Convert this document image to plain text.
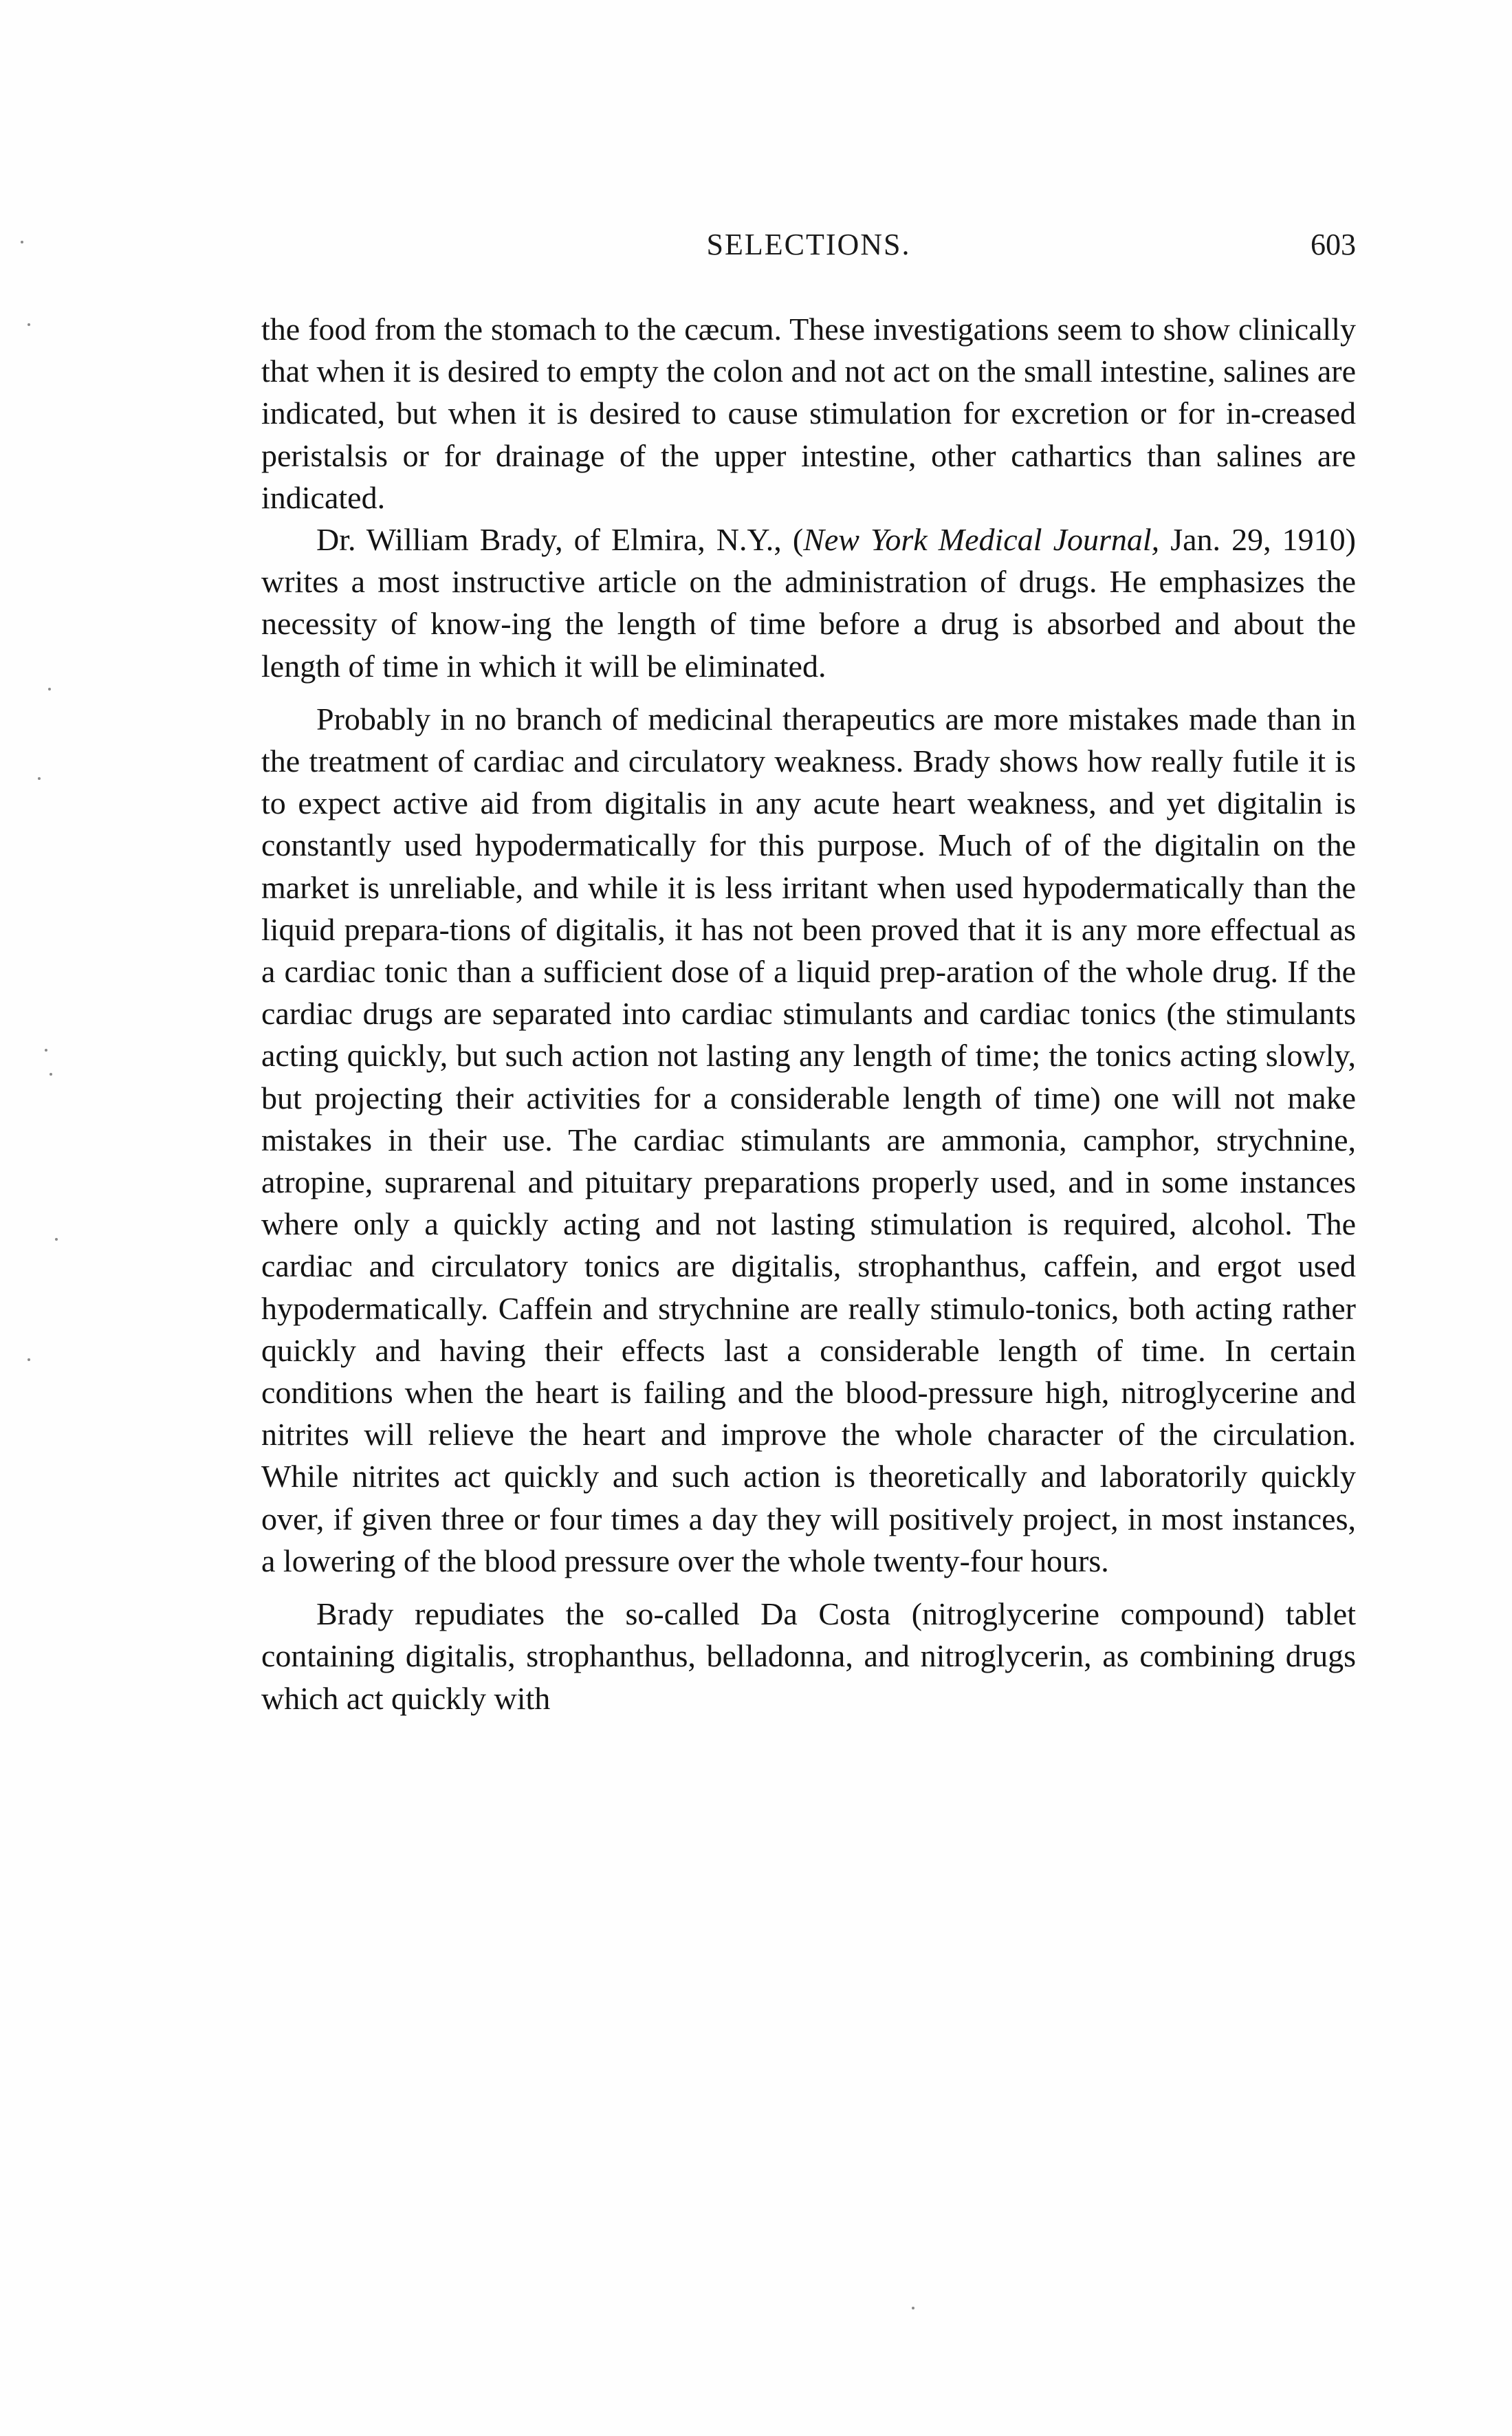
SELECTIONS.	603

the food from the stomach to the cæcum. These investigations seem to show clinically that when it is desired to empty the colon and not act on the small intestine, salines are indicated, but when it is desired to cause stimulation for excretion or for in-creased peristalsis or for drainage of the upper intestine, other cathartics than salines are indicated.

Dr. William Brady, of Elmira, N.Y., (New York Medical Journal, Jan. 29, 1910) writes a most instructive article on the administration of drugs. He emphasizes the necessity of know-ing the length of time before a drug is absorbed and about the length of time in which it will be eliminated.

Probably in no branch of medicinal therapeutics are more mistakes made than in the treatment of cardiac and circulatory weakness. Brady shows how really futile it is to expect active aid from digitalis in any acute heart weakness, and yet digitalin is constantly used hypodermatically for this purpose. Much of of the digitalin on the market is unreliable, and while it is less irritant when used hypodermatically than the liquid prepara-tions of digitalis, it has not been proved that it is any more effectual as a cardiac tonic than a sufficient dose of a liquid prep-aration of the whole drug. If the cardiac drugs are separated into cardiac stimulants and cardiac tonics (the stimulants acting quickly, but such action not lasting any length of time; the tonics acting slowly, but projecting their activities for a considerable length of time) one will not make mistakes in their use. The cardiac stimulants are ammonia, camphor, strychnine, atropine, suprarenal and pituitary preparations properly used, and in some instances where only a quickly acting and not lasting stimulation is required, alcohol. The cardiac and circulatory tonics are digitalis, strophanthus, caffein, and ergot used hypodermatically. Caffein and strychnine are really stimulo-tonics, both acting rather quickly and having their effects last a considerable length of time. In certain conditions when the heart is failing and the blood-pressure high, nitroglycerine and nitrites will relieve the heart and improve the whole character of the circulation. While nitrites act quickly and such action is theoretically and laboratorily quickly over, if given three or four times a day they will positively project, in most instances, a lowering of the blood pressure over the whole twenty-four hours.

Brady repudiates the so-called Da Costa (nitroglycerine compound) tablet containing digitalis, strophanthus, belladonna, and nitroglycerin, as combining drugs which act quickly with
